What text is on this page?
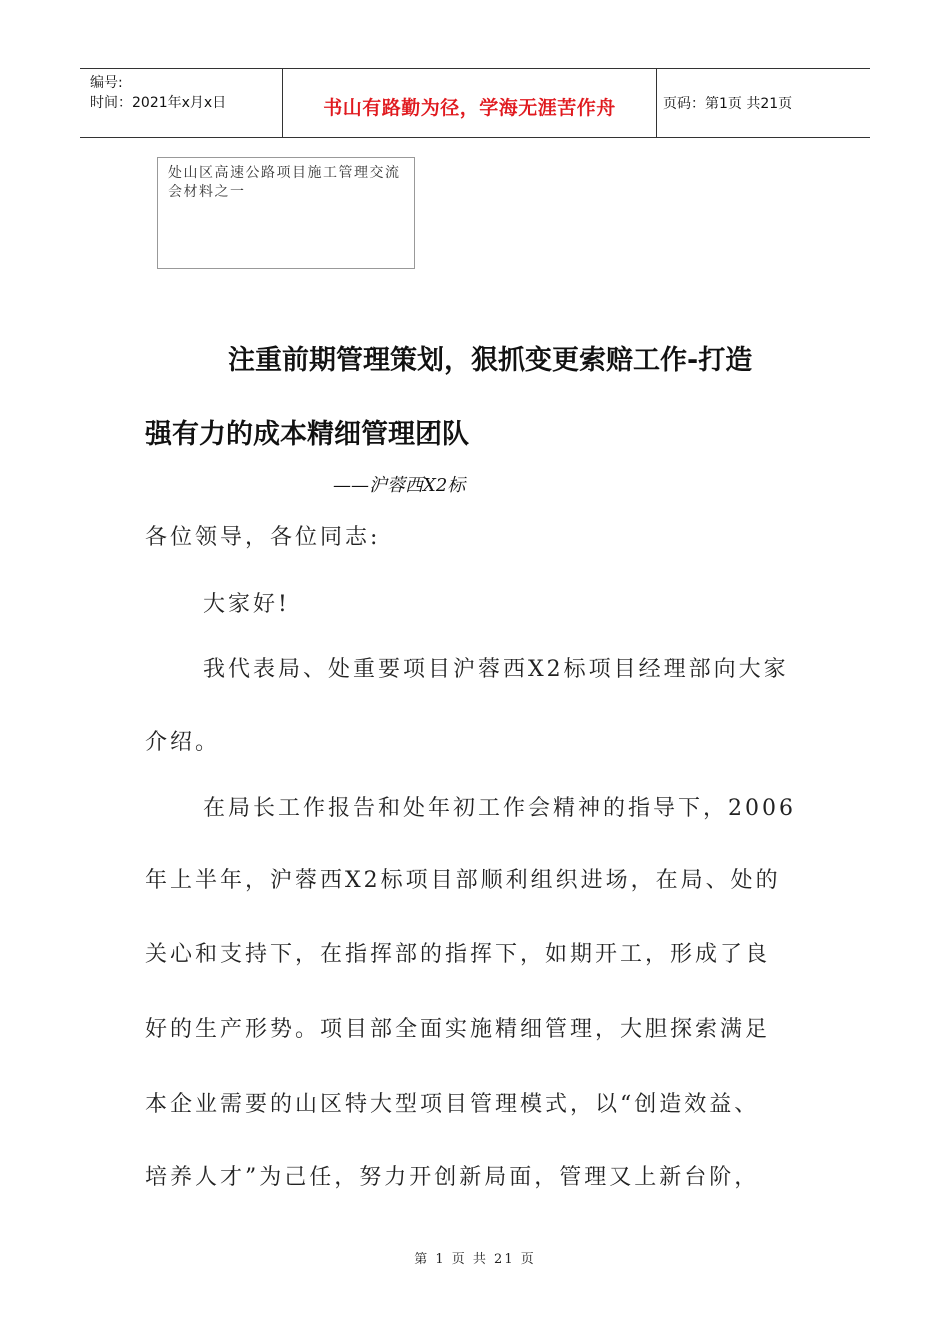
编号:
时间：2021年x月x日	书山有路勤为径，学海无涯苦作舟	页码：第1页 共21页
处山区高速公路项目施工管理交流会材料之一
注重前期管理策划，狠抓变更索赔工作-打造
强有力的成本精细管理团队
——沪蓉西X2标
各位领导，各位同志:
大家好!
我代表局、处重要项目沪蓉西X2标项目经理部向大家
介绍。
在局长工作报告和处年初工作会精神的指导下，2006
年上半年，沪蓉西X2标项目部顺利组织进场，在局、处的
关心和支持下，在指挥部的指挥下，如期开工，形成了良
好的生产形势。项目部全面实施精细管理，大胆探索满足
本企业需要的山区特大型项目管理模式，以“创造效益、
培养人才”为己任，努力开创新局面，管理又上新台阶，
第 1 页 共 21 页
